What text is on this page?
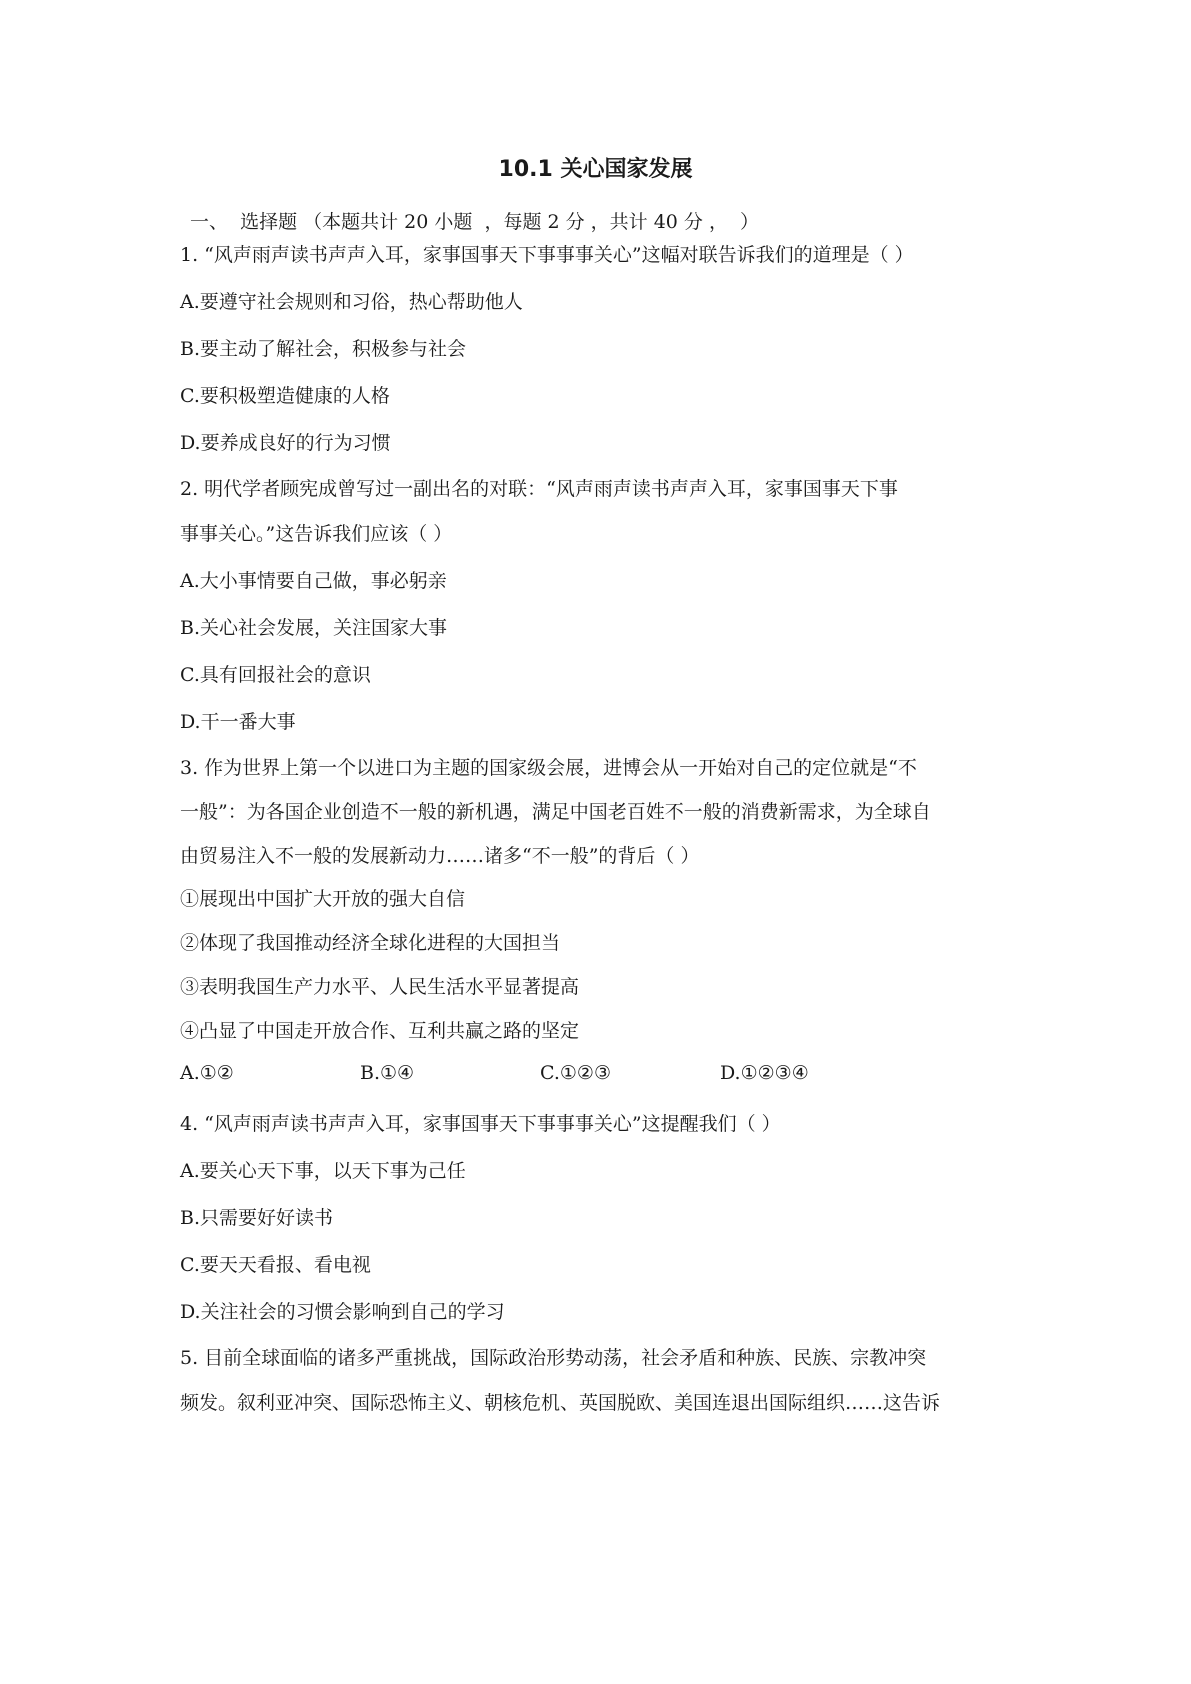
10.1 关心国家发展
一、  选择题 （本题共计 20 小题  ，每题 2 分 ，共计 40 分 ，  ）
1. “风声雨声读书声声入耳，家事国事天下事事事关心”这幅对联告诉我们的道理是（ ）
A.要遵守社会规则和习俗，热心帮助他人
B.要主动了解社会，积极参与社会
C.要积极塑造健康的人格
D.要养成良好的行为习惯
2. 明代学者顾宪成曾写过一副出名的对联：“风声雨声读书声声入耳，家事国事天下事
事事关心。”这告诉我们应该（ ）
A.大小事情要自己做，事必躬亲
B.关心社会发展，关注国家大事
C.具有回报社会的意识
D.干一番大事
3. 作为世界上第一个以进口为主题的国家级会展，进博会从一开始对自己的定位就是“不
一般”：为各国企业创造不一般的新机遇，满足中国老百姓不一般的消费新需求，为全球自
由贸易注入不一般的发展新动力……诸多“不一般”的背后（ ）
①展现出中国扩大开放的强大自信
②体现了我国推动经济全球化进程的大国担当
③表明我国生产力水平、人民生活水平显著提高
④凸显了中国走开放合作、互利共赢之路的坚定
A.①②	B.①④	C.①②③	D.①②③④
4. “风声雨声读书声声入耳，家事国事天下事事事关心”这提醒我们（ ）
A.要关心天下事，以天下事为己任
B.只需要好好读书
C.要天天看报、看电视
D.关注社会的习惯会影响到自己的学习
5. 目前全球面临的诸多严重挑战，国际政治形势动荡，社会矛盾和种族、民族、宗教冲突
频发。叙利亚冲突、国际恐怖主义、朝核危机、英国脱欧、美国连退出国际组织……这告诉
